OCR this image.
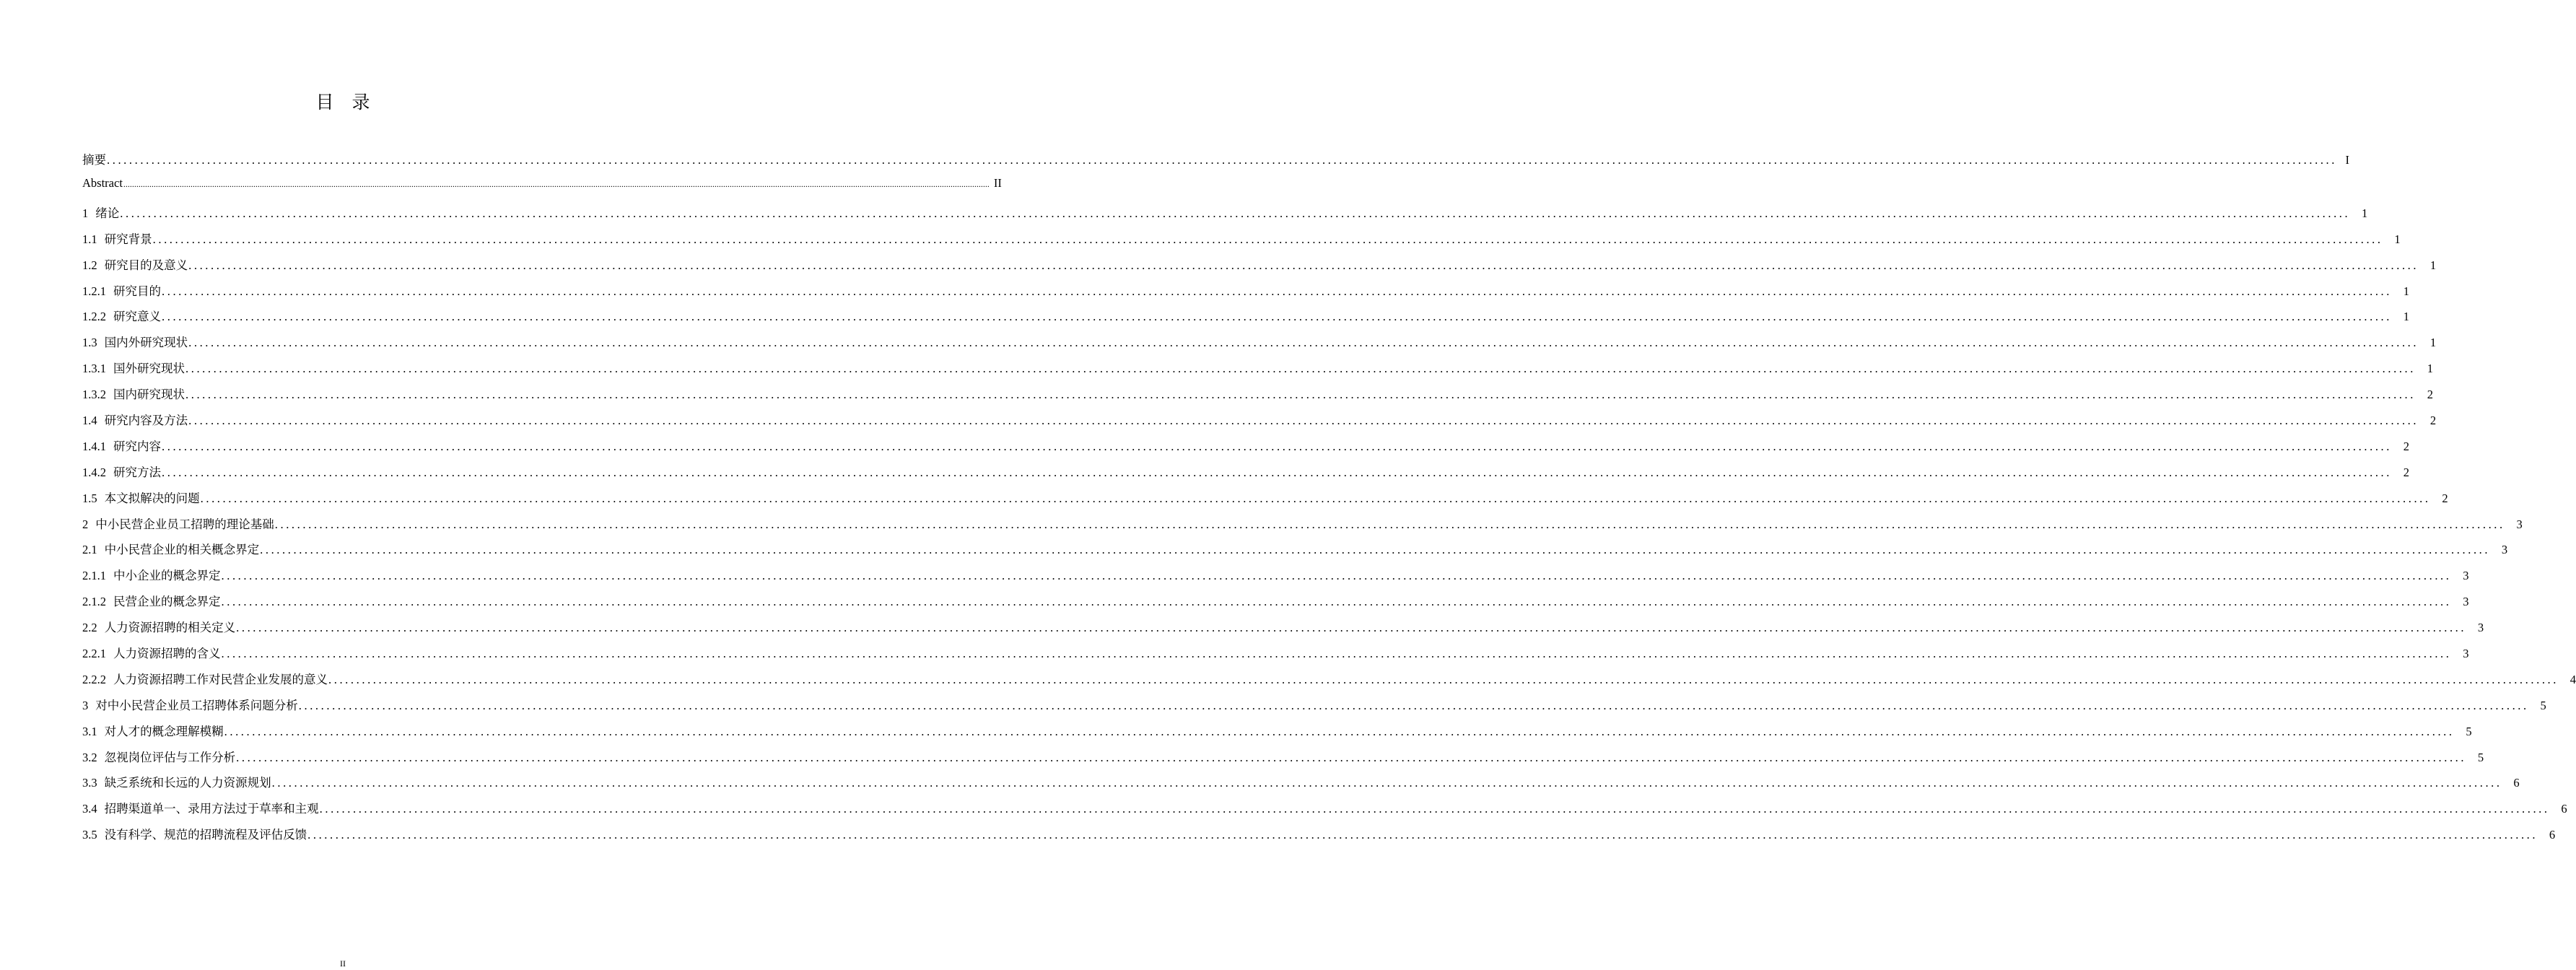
目　录
摘要 ................................................................................................................................................................................................................................................................................................................................................................................................................ I
Abstract ................................................................................................................................................................................................................................................................................................................................................................................................................ II
1 绪论 ................................................................................................................................................................................................................................................................................................................................................................................................................ 1
1.1 研究背景 ................................................................................................................................................................................................................................................................................................................................................................................................................ 1
1.2 研究目的及意义 ................................................................................................................................................................................................................................................................................................................................................................................................................ 1
1.2.1 研究目的 ................................................................................................................................................................................................................................................................................................................................................................................................................ 1
1.2.2 研究意义 ................................................................................................................................................................................................................................................................................................................................................................................................................ 1
1.3 国内外研究现状 ................................................................................................................................................................................................................................................................................................................................................................................................................ 1
1.3.1 国外研究现状 ................................................................................................................................................................................................................................................................................................................................................................................................................ 1
1.3.2 国内研究现状 ................................................................................................................................................................................................................................................................................................................................................................................................................ 2
1.4 研究内容及方法 ................................................................................................................................................................................................................................................................................................................................................................................................................ 2
1.4.1 研究内容 ................................................................................................................................................................................................................................................................................................................................................................................................................ 2
1.4.2 研究方法 ................................................................................................................................................................................................................................................................................................................................................................................................................ 2
1.5 本文拟解决的问题 ................................................................................................................................................................................................................................................................................................................................................................................................................ 2
2 中小民营企业员工招聘的理论基础 ................................................................................................................................................................................................................................................................................................................................................................................................................ 3
2.1 中小民营企业的相关概念界定 ................................................................................................................................................................................................................................................................................................................................................................................................................ 3
2.1.1 中小企业的概念界定 ................................................................................................................................................................................................................................................................................................................................................................................................................ 3
2.1.2 民营企业的概念界定 ................................................................................................................................................................................................................................................................................................................................................................................................................ 3
2.2 人力资源招聘的相关定义 ................................................................................................................................................................................................................................................................................................................................................................................................................ 3
2.2.1 人力资源招聘的含义 ................................................................................................................................................................................................................................................................................................................................................................................................................ 3
2.2.2 人力资源招聘工作对民营企业发展的意义 ................................................................................................................................................................................................................................................................................................................................................................................................................ 4
3 对中小民营企业员工招聘体系问题分析 ................................................................................................................................................................................................................................................................................................................................................................................................................ 5
3.1 对人才的概念理解模糊 ................................................................................................................................................................................................................................................................................................................................................................................................................ 5
3.2 忽视岗位评估与工作分析 ................................................................................................................................................................................................................................................................................................................................................................................................................ 5
3.3 缺乏系统和长远的人力资源规划 ................................................................................................................................................................................................................................................................................................................................................................................................................ 6
3.4 招聘渠道单一、录用方法过于草率和主观 ................................................................................................................................................................................................................................................................................................................................................................................................................ 6
3.5 没有科学、规范的招聘流程及评估反馈 ................................................................................................................................................................................................................................................................................................................................................................................................................ 6
II
